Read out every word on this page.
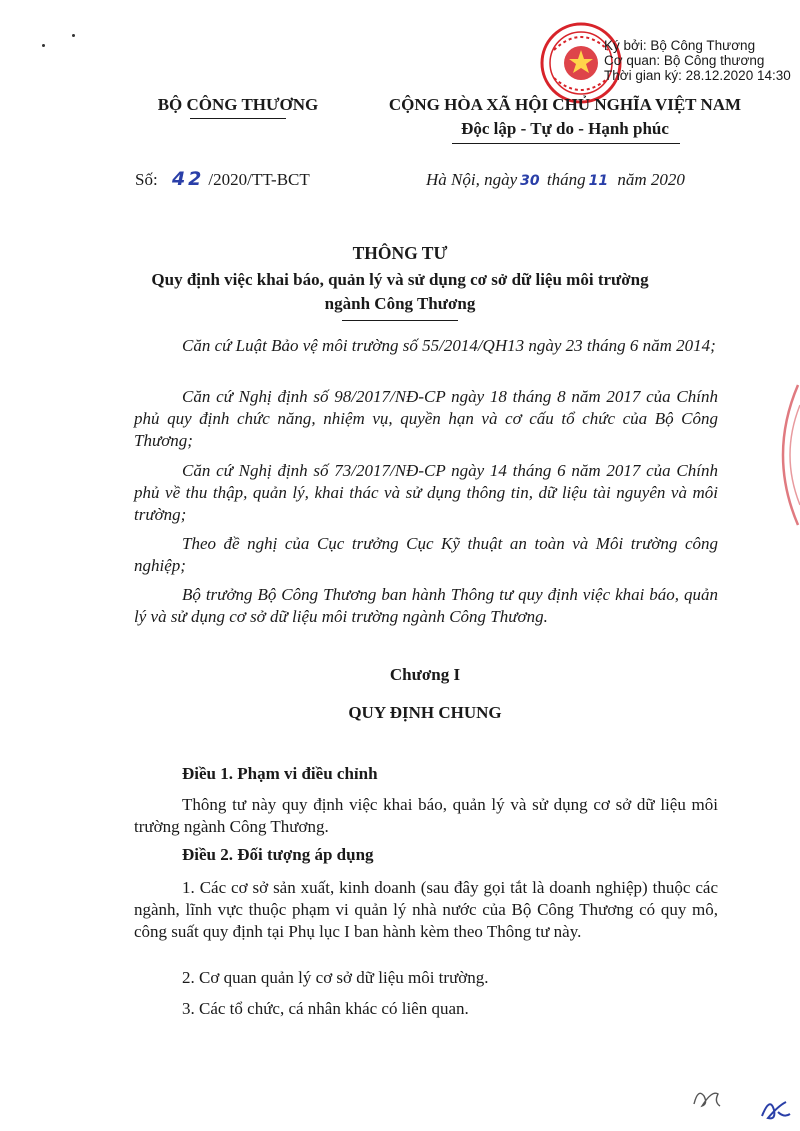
Ký bởi: Bộ Công Thương
Cơ quan: Bộ Công thương
Thời gian ký: 28.12.2020 14:30
BỘ CÔNG THƯƠNG	CỘNG HÒA XÃ HỘI CHỦ NGHĨA VIỆT NAM
Độc lập - Tự do - Hạnh phúc
Số: 42 /2020/TT-BCT	Hà Nội, ngày 30 tháng 11 năm 2020
THÔNG TƯ
Quy định việc khai báo, quản lý và sử dụng cơ sở dữ liệu môi trường
ngành Công Thương
Căn cứ Luật Bảo vệ môi trường số 55/2014/QH13 ngày 23 tháng 6 năm 2014;
Căn cứ Nghị định số 98/2017/NĐ-CP ngày 18 tháng 8 năm 2017 của Chính phủ quy định chức năng, nhiệm vụ, quyền hạn và cơ cấu tổ chức của Bộ Công Thương;
Căn cứ Nghị định số 73/2017/NĐ-CP ngày 14 tháng 6 năm 2017 của Chính phủ về thu thập, quản lý, khai thác và sử dụng thông tin, dữ liệu tài nguyên và môi trường;
Theo đề nghị của Cục trưởng Cục Kỹ thuật an toàn và Môi trường công nghiệp;
Bộ trưởng Bộ Công Thương ban hành Thông tư quy định việc khai báo, quản lý và sử dụng cơ sở dữ liệu môi trường ngành Công Thương.
Chương I
QUY ĐỊNH CHUNG
Điều 1. Phạm vi điều chỉnh
Thông tư này quy định việc khai báo, quản lý và sử dụng cơ sở dữ liệu môi trường ngành Công Thương.
Điều 2. Đối tượng áp dụng
1. Các cơ sở sản xuất, kinh doanh (sau đây gọi tắt là doanh nghiệp) thuộc các ngành, lĩnh vực thuộc phạm vi quản lý nhà nước của Bộ Công Thương có quy mô, công suất quy định tại Phụ lục I ban hành kèm theo Thông tư này.
2. Cơ quan quản lý cơ sở dữ liệu môi trường.
3. Các tổ chức, cá nhân khác có liên quan.
